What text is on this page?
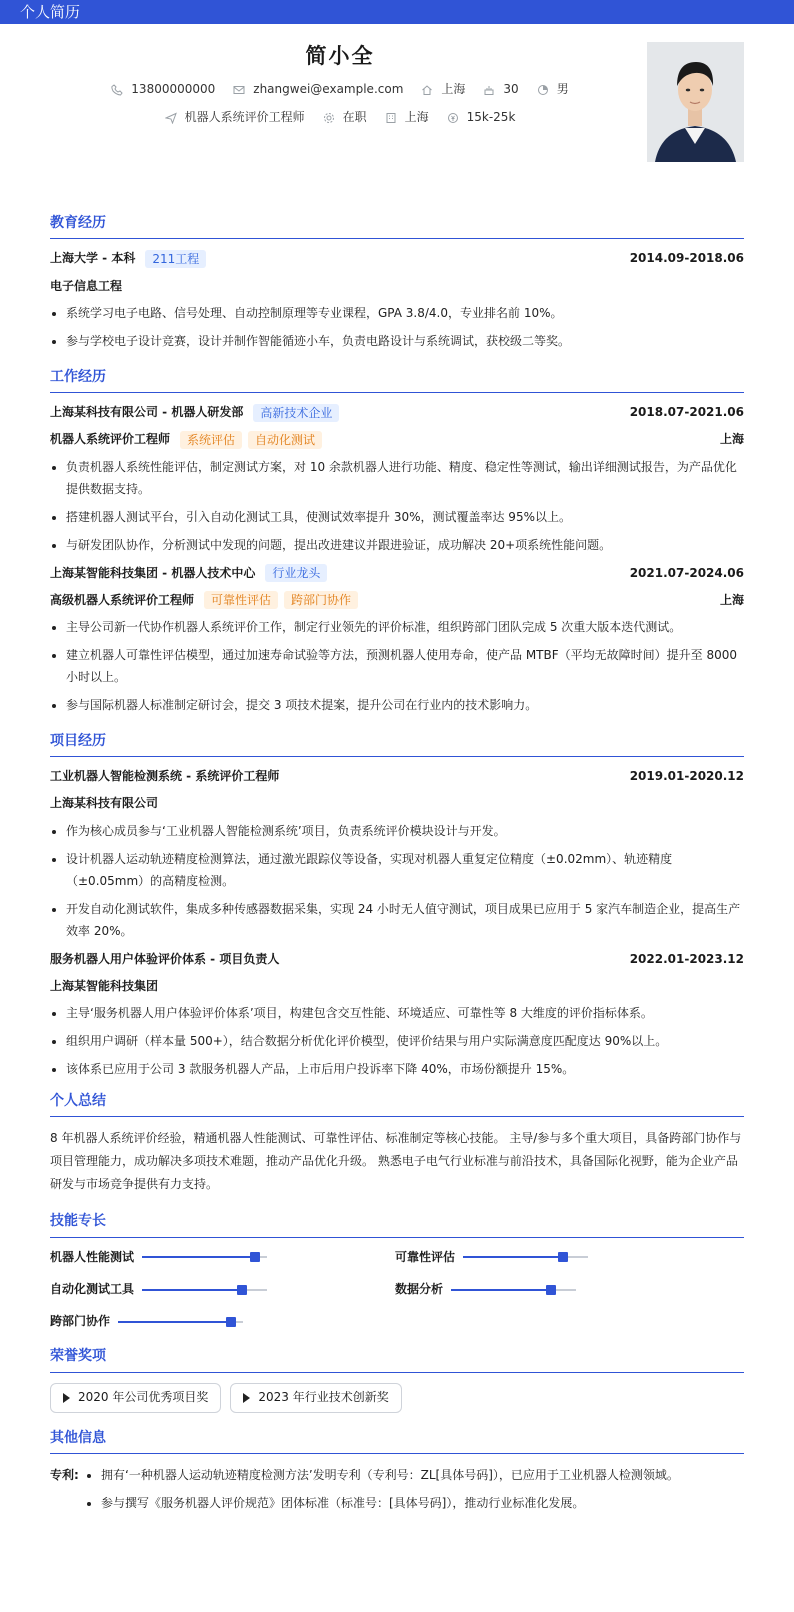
个人简历
简小全
13800000000	zhangwei@example.com	上海	30	男
机器人系统评价工程师	在职	上海	15k-25k
教育经历
上海大学 - 本科	211工程	2014.09-2018.06
电子信息工程
系统学习电子电路、信号处理、自动控制原理等专业课程，GPA 3.8/4.0，专业排名前 10%。
参与学校电子设计竞赛，设计并制作智能循迹小车，负责电路设计与系统调试，获校级二等奖。
工作经历
上海某科技有限公司 - 机器人研发部	高新技术企业	2018.07-2021.06
机器人系统评价工程师	系统评估	自动化测试	上海
负责机器人系统性能评估，制定测试方案，对 10 余款机器人进行功能、精度、稳定性等测试，输出详细测试报告，为产品优化提供数据支持。
搭建机器人测试平台，引入自动化测试工具，使测试效率提升 30%，测试覆盖率达 95%以上。
与研发团队协作，分析测试中发现的问题，提出改进建议并跟进验证，成功解决 20+项系统性能问题。
上海某智能科技集团 - 机器人技术中心	行业龙头	2021.07-2024.06
高级机器人系统评价工程师	可靠性评估	跨部门协作	上海
主导公司新一代协作机器人系统评价工作，制定行业领先的评价标准，组织跨部门团队完成 5 次重大版本迭代测试。
建立机器人可靠性评估模型，通过加速寿命试验等方法，预测机器人使用寿命，使产品 MTBF（平均无故障时间）提升至 8000 小时以上。
参与国际机器人标准制定研讨会，提交 3 项技术提案，提升公司在行业内的技术影响力。
项目经历
工业机器人智能检测系统 - 系统评价工程师	2019.01-2020.12
上海某科技有限公司
作为核心成员参与‘工业机器人智能检测系统’项目，负责系统评价模块设计与开发。
设计机器人运动轨迹精度检测算法，通过激光跟踪仪等设备，实现对机器人重复定位精度（±0.02mm）、轨迹精度（±0.05mm）的高精度检测。
开发自动化测试软件，集成多种传感器数据采集，实现 24 小时无人值守测试，项目成果已应用于 5 家汽车制造企业，提高生产效率 20%。
服务机器人用户体验评价体系 - 项目负责人	2022.01-2023.12
上海某智能科技集团
主导‘服务机器人用户体验评价体系’项目，构建包含交互性能、环境适应、可靠性等 8 大维度的评价指标体系。
组织用户调研（样本量 500+），结合数据分析优化评价模型，使评价结果与用户实际满意度匹配度达 90%以上。
该体系已应用于公司 3 款服务机器人产品，上市后用户投诉率下降 40%，市场份额提升 15%。
个人总结
8 年机器人系统评价经验，精通机器人性能测试、可靠性评估、标准制定等核心技能。 主导/参与多个重大项目，具备跨部门协作与项目管理能力，成功解决多项技术难题，推动产品优化升级。 熟悉电子电气行业标准与前沿技术，具备国际化视野，能为企业产品研发与市场竞争提供有力支持。
技能专长
机器人性能测试	可靠性评估
自动化测试工具	数据分析
跨部门协作
荣誉奖项
2020 年公司优秀项目奖	2023 年行业技术创新奖
其他信息
专利:	拥有‘一种机器人运动轨迹精度检测方法’发明专利（专利号：ZL[具体号码]），已应用于工业机器人检测领域。
参与撰写《服务机器人评价规范》团体标准（标准号：[具体号码]），推动行业标准化发展。
